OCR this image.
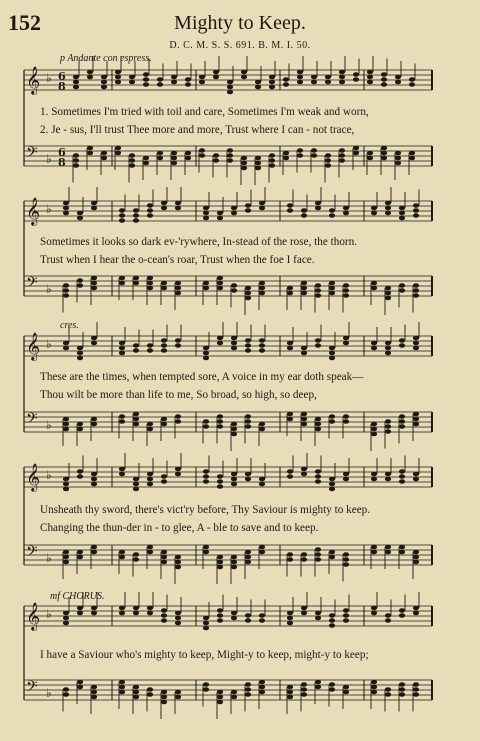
152	Mighty to Keep.
D. C. M. S. S. 691. B. M. I. 50.
p Andante con espress.
𝄞 ♭ 6
8
𝄢 ♭ 6
8
𝄞 ♭
𝄢 ♭
𝄞 ♭
𝄢 ♭
𝄞 ♭
𝄢 ♭
𝄞 ♭
𝄢 ♭
cres.
mf CHORUS.
1. Sometimes I'm tried with toil and care, Sometimes I'm weak and worn,
2. Je - sus, I'll trust Thee more and more, Trust where I can - not trace,
Sometimes it looks so dark ev-'rywhere, In-stead of the rose, the thorn.
Trust when I hear the o-cean's roar, Trust when the foe I face.
These are the times, when tempted sore, A voice in my ear doth speak—
Thou wilt be more than life to me, So broad, so high, so deep,
Unsheath thy sword, there's vict'ry before, Thy Saviour is mighty to keep.
Changing the thun-der in - to glee, A - ble to save and to keep.
I have a Saviour who's mighty to keep, Might-y to keep, might-y to keep;
